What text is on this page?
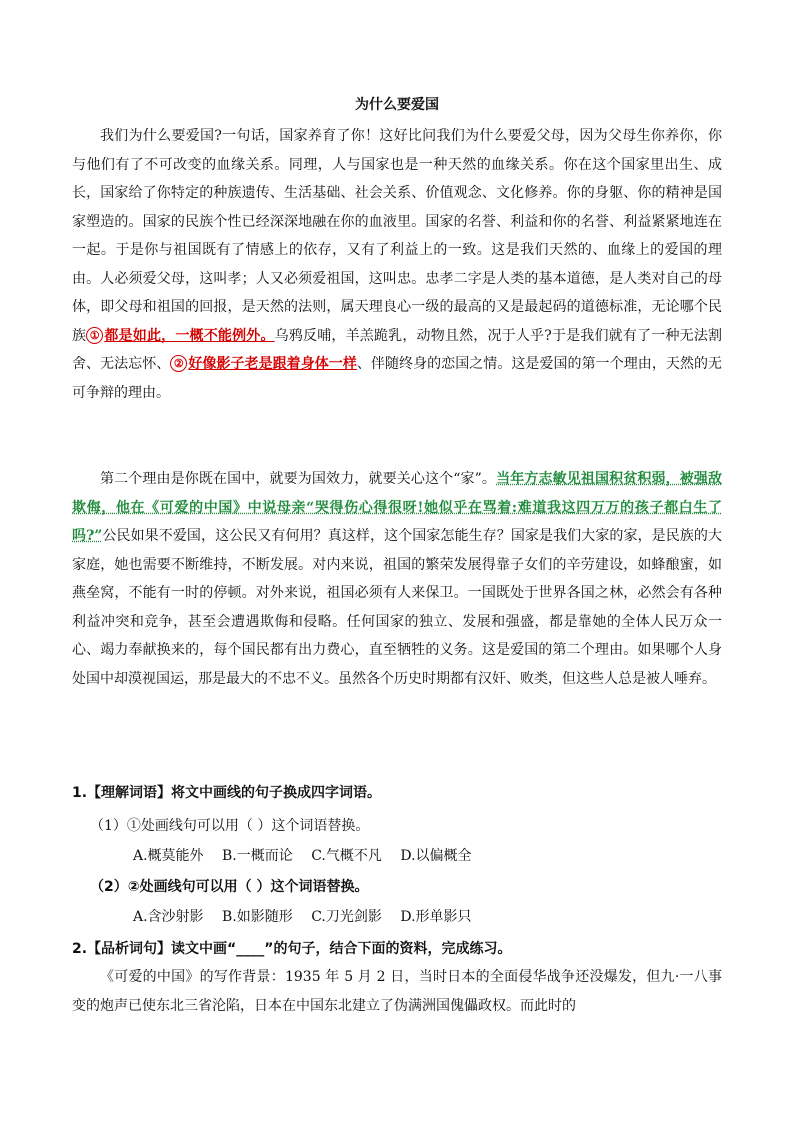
为什么要爱国

我们为什么要爱国?一句话，国家养育了你！这好比问我们为什么要爱父母，因为父母生你养你，你与他们有了不可改变的血缘关系。同理，人与国家也是一种天然的血缘关系。你在这个国家里出生、成长，国家给了你特定的种族遗传、生活基础、社会关系、价值观念、文化修养。你的身躯、你的精神是国家塑造的。国家的民族个性已经深深地融在你的血液里。国家的名誉、利益和你的名誉、利益紧紧地连在一起。于是你与祖国既有了情感上的依存，又有了利益上的一致。这是我们天然的、血缘上的爱国的理由。人必须爱父母，这叫孝；人又必须爱祖国，这叫忠。忠孝二字是人类的基本道德，是人类对自己的母体，即父母和祖国的回报，是天然的法则，属天理良心一级的最高的又是最起码的道德标准，无论哪个民族 ① 都是如此，一概不能例外。乌鸦反哺，羊羔跪乳，动物且然，况于人乎?于是我们就有了一种无法割舍、无法忘怀、 ② 好像影子老是跟着身体一样、伴随终身的恋国之情。这是爱国的第一个理由，天然的无可争辩的理由。

第二个理由是你既在国中，就要为国效力，就要关心这个“家”。当年方志敏见祖国积贫积弱，被强敌欺侮，他在《可爱的中国》中说母亲“哭得伤心得很呀!她似乎在骂着:难道我这四万万的孩子都白生了吗?”公民如果不爱国，这公民又有何用？真这样，这个国家怎能生存？国家是我们大家的家，是民族的大家庭，她也需要不断维持，不断发展。对内来说，祖国的繁荣发展得靠子女们的辛劳建设，如蜂酿蜜，如燕垒窝，不能有一时的停顿。对外来说，祖国必须有人来保卫。一国既处于世界各国之林，必然会有各种利益冲突和竞争，甚至会遭遇欺侮和侵略。任何国家的独立、发展和强盛，都是靠她的全体人民万众一心、竭力奉献换来的，每个国民都有出力费心，直至牺牲的义务。这是爱国的第二个理由。如果哪个人身处国中却漠视国运，那是最大的不忠不义。虽然各个历史时期都有汉奸、败类，但这些人总是被人唾弃。

1.【理解词语】将文中画线的句子换成四字词语。

（1）①处画线句可以用（ ）这个词语替换。

A.概莫能外 B.一概而论 C.气概不凡 D.以偏概全

（2）②处画线句可以用（ ）这个词语替换。

A.含沙射影 B.如影随形 C.刀光剑影 D.形单影只

2.【品析词句】读文中画“____”的句子，结合下面的资料，完成练习。

《可爱的中国》的写作背景：1935 年 5 月 2 日，当时日本的全面侵华战争还没爆发，但九·一八事变的炮声已使东北三省沦陷，日本在中国东北建立了伪满洲国傀儡政权。而此时的
